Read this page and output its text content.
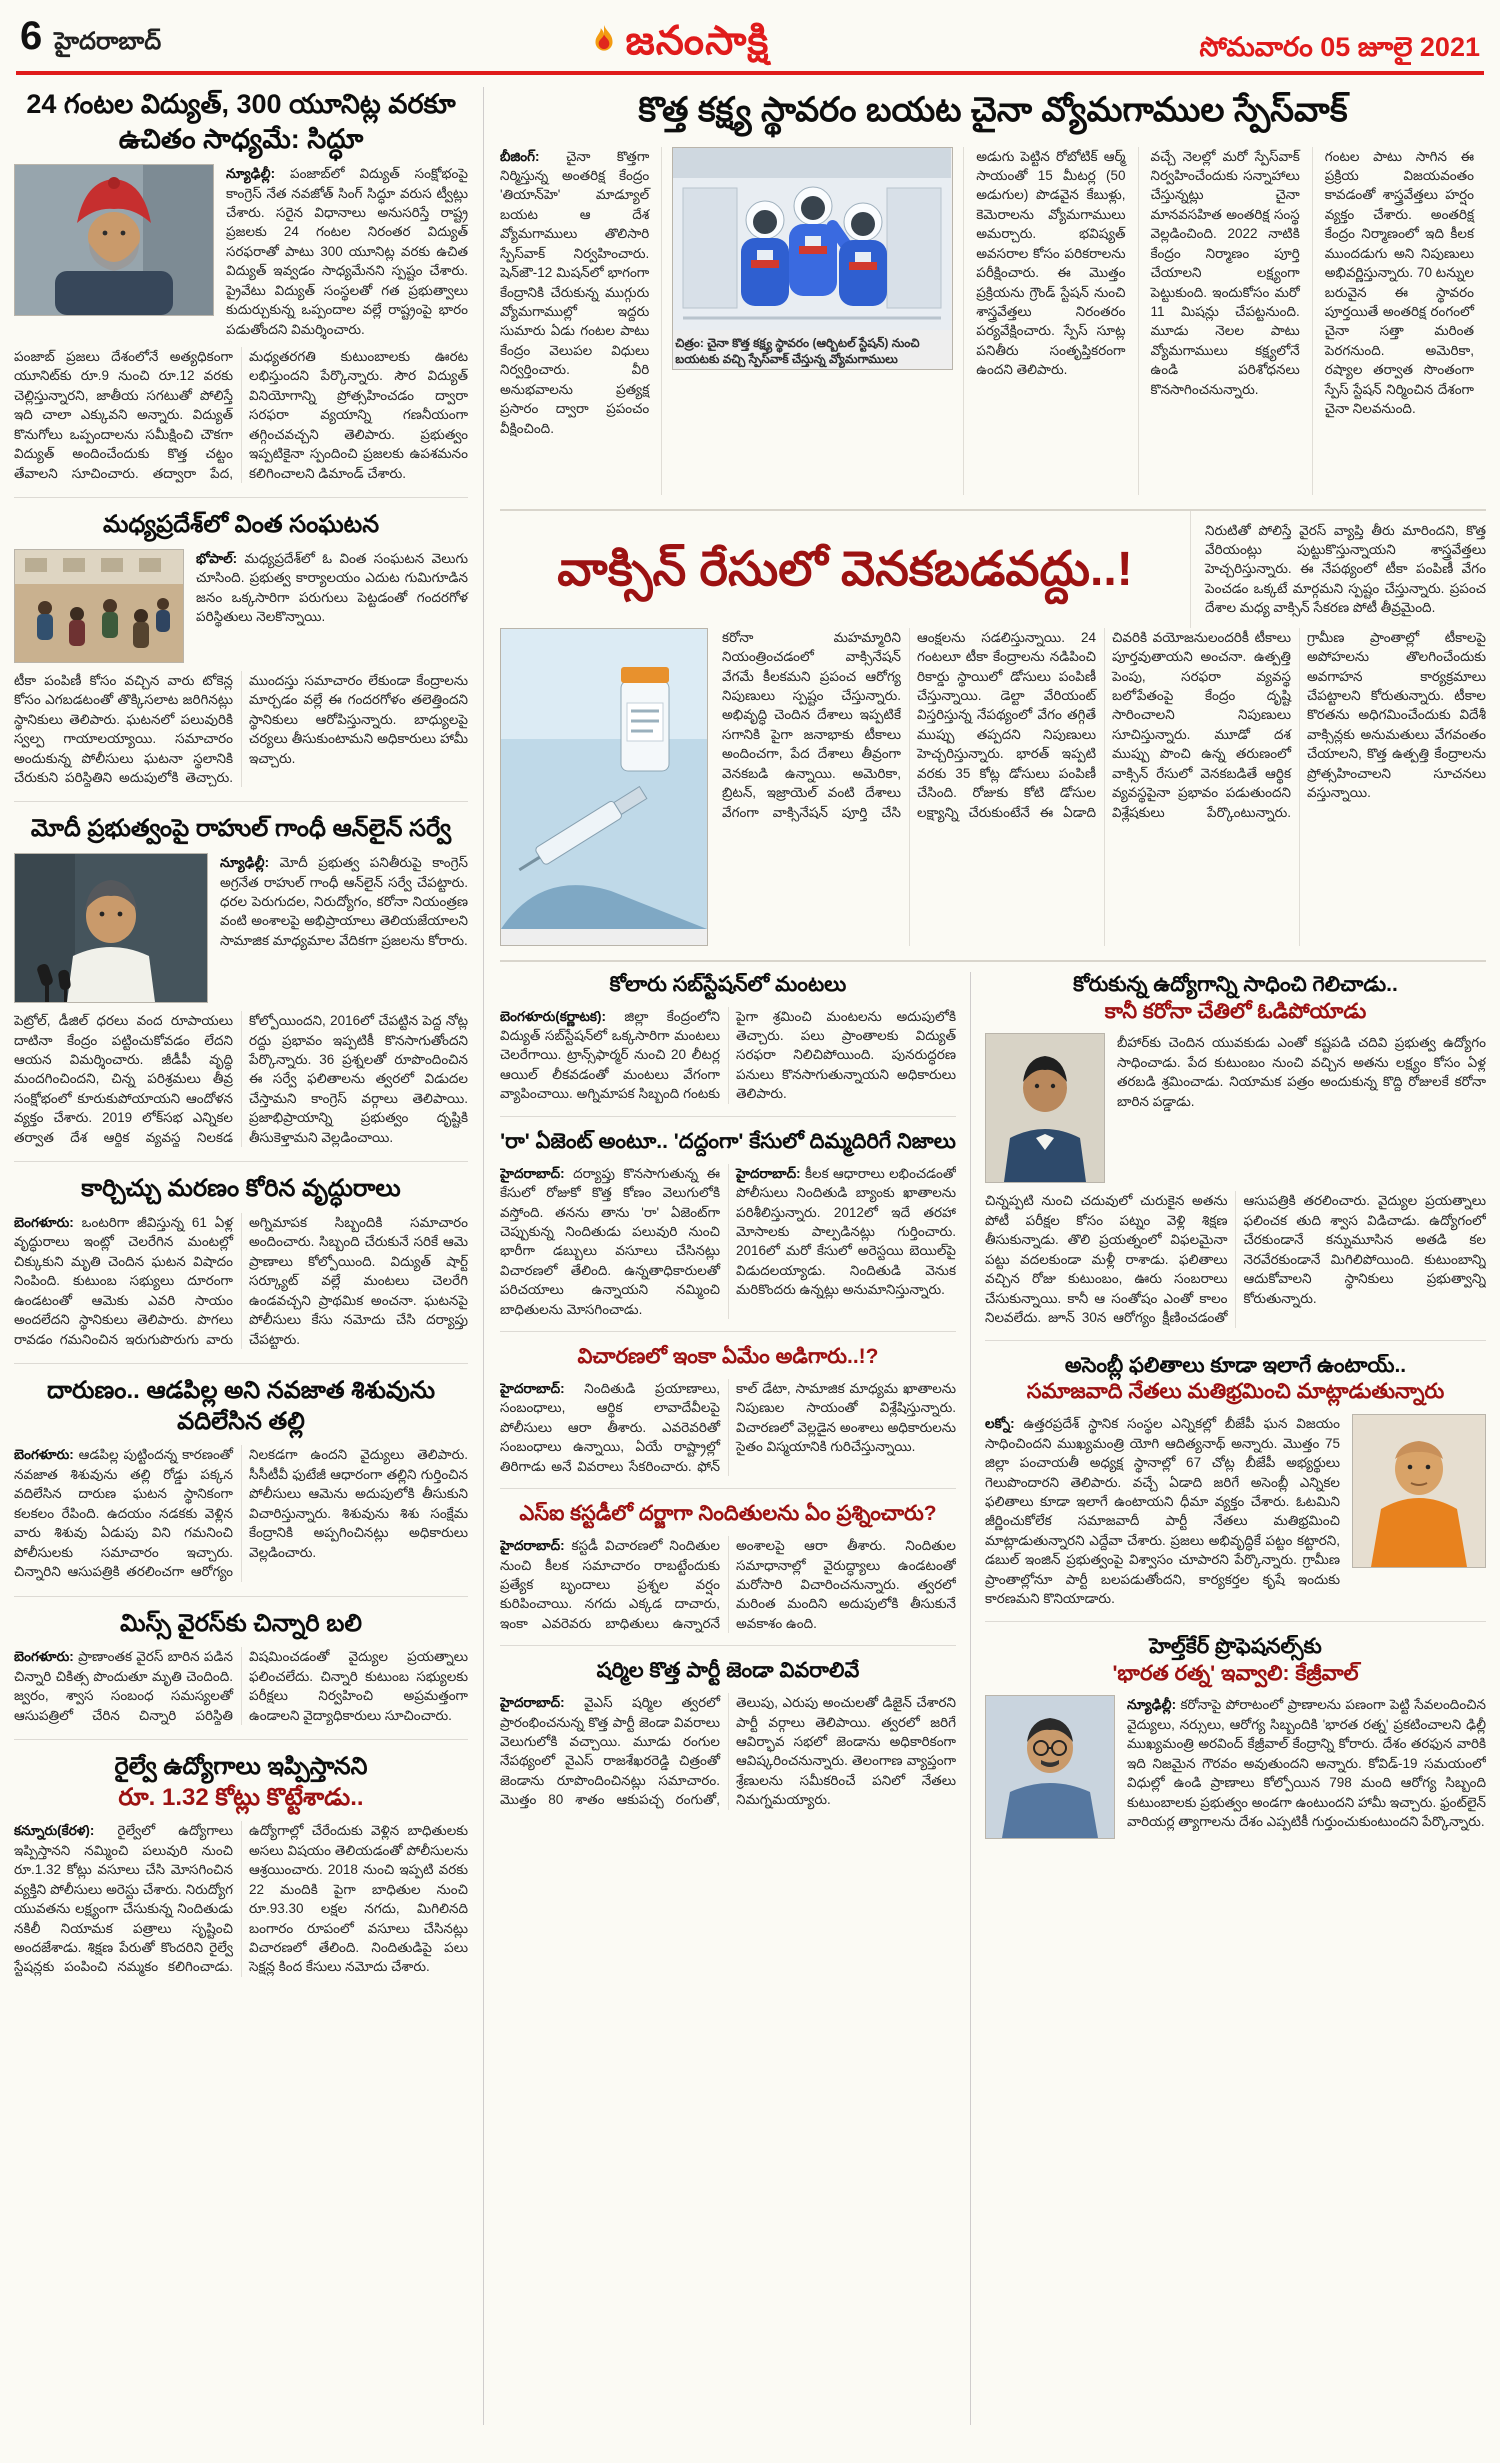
6 హైదరాబాద్	జనంసాక్షి	సోమవారం 05 జూలై 2021
24 గంటల విద్యుత్, 300 యూనిట్ల వరకూ ఉచితం సాధ్యమే: సిద్ధూ

న్యూఢిల్లీ: పంజాబ్‌లో విద్యుత్ సంక్షోభంపై కాంగ్రెస్ నేత నవజోత్ సింగ్ సిద్ధూ వరుస ట్వీట్లు చేశారు. సరైన విధానాలు అనుసరిస్తే రాష్ట్ర ప్రజలకు 24 గంటల నిరంతర విద్యుత్ సరఫరాతో పాటు 300 యూనిట్ల వరకు ఉచిత విద్యుత్ ఇవ్వడం సాధ్యమేనని స్పష్టం చేశారు. ప్రైవేటు విద్యుత్ సంస్థలతో గత ప్రభుత్వాలు కుదుర్చుకున్న ఒప్పందాల వల్లే రాష్ట్రంపై భారం పడుతోందని విమర్శించారు.

పంజాబ్ ప్రజలు దేశంలోనే అత్యధికంగా యూనిట్‌కు రూ.9 నుంచి రూ.12 వరకు చెల్లిస్తున్నారని, జాతీయ సగటుతో పోలిస్తే ఇది చాలా ఎక్కువని అన్నారు. విద్యుత్ కొనుగోలు ఒప్పందాలను సమీక్షించి చౌకగా విద్యుత్ అందించేందుకు కొత్త చట్టం తేవాలని సూచించారు. తద్వారా పేద, మధ్యతరగతి కుటుంబాలకు ఊరట లభిస్తుందని పేర్కొన్నారు. సౌర విద్యుత్ వినియోగాన్ని ప్రోత్సహించడం ద్వారా సరఫరా వ్యయాన్ని గణనీయంగా తగ్గించవచ్చని తెలిపారు. ప్రభుత్వం ఇప్పటికైనా స్పందించి ప్రజలకు ఉపశమనం కలిగించాలని డిమాండ్ చేశారు.

మధ్యప్రదేశ్‌లో వింత సంఘటన

భోపాల్: మధ్యప్రదేశ్‌లో ఓ వింత సంఘటన వెలుగు చూసింది. ప్రభుత్వ కార్యాలయం ఎదుట గుమిగూడిన జనం ఒక్కసారిగా పరుగులు పెట్టడంతో గందరగోళ పరిస్థితులు నెలకొన్నాయి.

టీకా పంపిణీ కోసం వచ్చిన వారు టోకెన్ల కోసం ఎగబడటంతో తొక్కిసలాట జరిగినట్లు స్థానికులు తెలిపారు. ఘటనలో పలువురికి స్వల్ప గాయాలయ్యాయి. సమాచారం అందుకున్న పోలీసులు ఘటనా స్థలానికి చేరుకుని పరిస్థితిని అదుపులోకి తెచ్చారు. ముందస్తు సమాచారం లేకుండా కేంద్రాలను మార్చడం వల్లే ఈ గందరగోళం తలెత్తిందని స్థానికులు ఆరోపిస్తున్నారు. బాధ్యులపై చర్యలు తీసుకుంటామని అధికారులు హామీ ఇచ్చారు.

మోదీ ప్రభుత్వంపై రాహుల్ గాంధీ ఆన్‌లైన్ సర్వే

న్యూఢిల్లీ: మోదీ ప్రభుత్వ పనితీరుపై కాంగ్రెస్ అగ్రనేత రాహుల్ గాంధీ ఆన్‌లైన్ సర్వే చేపట్టారు. ధరల పెరుగుదల, నిరుద్యోగం, కరోనా నియంత్రణ వంటి అంశాలపై అభిప్రాయాలు తెలియజేయాలని సామాజిక మాధ్యమాల వేదికగా ప్రజలను కోరారు.

పెట్రోల్, డీజిల్ ధరలు వంద రూపాయలు దాటినా కేంద్రం పట్టించుకోవడం లేదని ఆయన విమర్శించారు. జీడీపీ వృద్ధి మందగించిందని, చిన్న పరిశ్రమలు తీవ్ర సంక్షోభంలో కూరుకుపోయాయని ఆందోళన వ్యక్తం చేశారు. 2019 లోక్‌సభ ఎన్నికల తర్వాత దేశ ఆర్థిక వ్యవస్థ నిలకడ కోల్పోయిందని, 2016లో చేపట్టిన పెద్ద నోట్ల రద్దు ప్రభావం ఇప్పటికీ కొనసాగుతోందని పేర్కొన్నారు. 36 ప్రశ్నలతో రూపొందించిన ఈ సర్వే ఫలితాలను త్వరలో విడుదల చేస్తామని కాంగ్రెస్ వర్గాలు తెలిపాయి. ప్రజాభిప్రాయాన్ని ప్రభుత్వం దృష్టికి తీసుకెళ్తామని వెల్లడించాయి.

కార్చిచ్చు మరణం కోరిన వృద్ధురాలు

బెంగళూరు: ఒంటరిగా జీవిస్తున్న 61 ఏళ్ల వృద్ధురాలు ఇంట్లో చెలరేగిన మంటల్లో చిక్కుకుని మృతి చెందిన ఘటన విషాదం నింపింది. కుటుంబ సభ్యులు దూరంగా ఉండటంతో ఆమెకు ఎవరి సాయం అందలేదని స్థానికులు తెలిపారు. పొగలు రావడం గమనించిన ఇరుగుపొరుగు వారు అగ్నిమాపక సిబ్బందికి సమాచారం అందించారు. సిబ్బంది చేరుకునే సరికే ఆమె ప్రాణాలు కోల్పోయింది. విద్యుత్ షార్ట్ సర్క్యూట్ వల్లే మంటలు చెలరేగి ఉండవచ్చని ప్రాథమిక అంచనా. ఘటనపై పోలీసులు కేసు నమోదు చేసి దర్యాప్తు చేపట్టారు.

దారుణం.. ఆడపిల్ల అని నవజాత శిశువును వదిలేసిన తల్లి

బెంగళూరు: ఆడపిల్ల పుట్టిందన్న కారణంతో నవజాత శిశువును తల్లి రోడ్డు పక్కన వదిలేసిన దారుణ ఘటన స్థానికంగా కలకలం రేపింది. ఉదయం నడకకు వెళ్లిన వారు శిశువు ఏడుపు విని గమనించి పోలీసులకు సమాచారం ఇచ్చారు. చిన్నారిని ఆసుపత్రికి తరలించగా ఆరోగ్యం నిలకడగా ఉందని వైద్యులు తెలిపారు. సీసీటీవీ ఫుటేజీ ఆధారంగా తల్లిని గుర్తించిన పోలీసులు ఆమెను అదుపులోకి తీసుకుని విచారిస్తున్నారు. శిశువును శిశు సంక్షేమ కేంద్రానికి అప్పగించినట్లు అధికారులు వెల్లడించారు.

మిస్స్ వైరస్‌కు చిన్నారి బలి

బెంగళూరు: ప్రాణాంతక వైరస్ బారిన పడిన చిన్నారి చికిత్స పొందుతూ మృతి చెందింది. జ్వరం, శ్వాస సంబంధ సమస్యలతో ఆసుపత్రిలో చేరిన చిన్నారి పరిస్థితి విషమించడంతో వైద్యుల ప్రయత్నాలు ఫలించలేదు. చిన్నారి కుటుంబ సభ్యులకు పరీక్షలు నిర్వహించి అప్రమత్తంగా ఉండాలని వైద్యాధికారులు సూచించారు.

రైల్వే ఉద్యోగాలు ఇప్పిస్తానని
రూ. 1.32 కోట్లు కొట్టేశాడు..

కన్నూరు(కేరళ): రైల్వేలో ఉద్యోగాలు ఇప్పిస్తానని నమ్మించి పలువురి నుంచి రూ.1.32 కోట్లు వసూలు చేసి మోసగించిన వ్యక్తిని పోలీసులు అరెస్టు చేశారు. నిరుద్యోగ యువతను లక్ష్యంగా చేసుకున్న నిందితుడు నకిలీ నియామక పత్రాలు సృష్టించి అందజేశాడు. శిక్షణ పేరుతో కొందరిని రైల్వే స్టేషన్లకు పంపించి నమ్మకం కలిగించాడు. ఉద్యోగాల్లో చేరేందుకు వెళ్లిన బాధితులకు అసలు విషయం తెలియడంతో పోలీసులను ఆశ్రయించారు. 2018 నుంచి ఇప్పటి వరకు 22 మందికి పైగా బాధితుల నుంచి రూ.93.30 లక్షల నగదు, మిగిలినది బంగారం రూపంలో వసూలు చేసినట్లు విచారణలో తేలింది. నిందితుడిపై పలు సెక్షన్ల కింద కేసులు నమోదు చేశారు.

కొత్త కక్ష్య స్థావరం బయట చైనా వ్యోమగాముల స్పేస్‌వాక్

బీజింగ్: చైనా కొత్తగా నిర్మిస్తున్న అంతరిక్ష కేంద్రం 'తియాన్‌హె' మాడ్యూల్ బయట ఆ దేశ వ్యోమగాములు తొలిసారి స్పేస్‌వాక్ నిర్వహించారు. షెన్‌జౌ-12 మిషన్‌లో భాగంగా కేంద్రానికి చేరుకున్న ముగ్గురు వ్యోమగాముల్లో ఇద్దరు సుమారు ఏడు గంటల పాటు కేంద్రం వెలుపల విధులు నిర్వర్తించారు. వీరి అనుభవాలను ప్రత్యక్ష ప్రసారం ద్వారా ప్రపంచం వీక్షించింది.

చిత్రం: చైనా కొత్త కక్ష్య స్థావరం (ఆర్బిటల్ స్టేషన్) నుంచి బయటకు వచ్చి స్పేస్‌వాక్ చేస్తున్న వ్యోమగాములు

అడుగు పెట్టిన రోబోటిక్ ఆర్మ్ సాయంతో 15 మీటర్ల (50 అడుగుల) పొడవైన కేబుళ్లు, కెమెరాలను వ్యోమగాములు అమర్చారు. భవిష్యత్ అవసరాల కోసం పరికరాలను పరీక్షించారు. ఈ మొత్తం ప్రక్రియను గ్రౌండ్ స్టేషన్ నుంచి శాస్త్రవేత్తలు నిరంతరం పర్యవేక్షించారు. స్పేస్ సూట్ల పనితీరు సంతృప్తికరంగా ఉందని తెలిపారు.

వచ్చే నెలల్లో మరో స్పేస్‌వాక్ నిర్వహించేందుకు సన్నాహాలు చేస్తున్నట్లు చైనా మానవసహిత అంతరిక్ష సంస్థ వెల్లడించింది. 2022 నాటికి కేంద్రం నిర్మాణం పూర్తి చేయాలని లక్ష్యంగా పెట్టుకుంది. ఇందుకోసం మరో 11 మిషన్లు చేపట్టనుంది. మూడు నెలల పాటు వ్యోమగాములు కక్ష్యలోనే ఉండి పరిశోధనలు కొనసాగించనున్నారు.

గంటల పాటు సాగిన ఈ ప్రక్రియ విజయవంతం కావడంతో శాస్త్రవేత్తలు హర్షం వ్యక్తం చేశారు. అంతరిక్ష కేంద్రం నిర్మాణంలో ఇది కీలక ముందడుగు అని నిపుణులు అభివర్ణిస్తున్నారు. 70 టన్నుల బరువైన ఈ స్థావరం పూర్తయితే అంతరిక్ష రంగంలో చైనా సత్తా మరింత పెరగనుంది. అమెరికా, రష్యాల తర్వాత సొంతంగా స్పేస్ స్టేషన్ నిర్మించిన దేశంగా చైనా నిలవనుంది.

వాక్సిన్ రేసులో వెనకబడవద్దు..!

నిరుటితో పోలిస్తే వైరస్ వ్యాప్తి తీరు మారిందని, కొత్త వేరియంట్లు పుట్టుకొస్తున్నాయని శాస్త్రవేత్తలు హెచ్చరిస్తున్నారు. ఈ నేపథ్యంలో టీకా పంపిణీ వేగం పెంచడం ఒక్కటే మార్గమని స్పష్టం చేస్తున్నారు. ప్రపంచ దేశాల మధ్య వాక్సిన్ సేకరణ పోటీ తీవ్రమైంది.

కరోనా మహమ్మారిని నియంత్రించడంలో వాక్సినేషన్ వేగమే కీలకమని ప్రపంచ ఆరోగ్య నిపుణులు స్పష్టం చేస్తున్నారు. అభివృద్ధి చెందిన దేశాలు ఇప్పటికే సగానికి పైగా జనాభాకు టీకాలు అందించగా, పేద దేశాలు తీవ్రంగా వెనకబడి ఉన్నాయి. అమెరికా, బ్రిటన్, ఇజ్రాయెల్ వంటి దేశాలు వేగంగా వాక్సినేషన్ పూర్తి చేసి ఆంక్షలను సడలిస్తున్నాయి. 24 గంటలూ టీకా కేంద్రాలను నడిపించి రికార్డు స్థాయిలో డోసులు పంపిణీ చేస్తున్నాయి. డెల్టా వేరియంట్ విస్తరిస్తున్న నేపథ్యంలో వేగం తగ్గితే ముప్పు తప్పదని నిపుణులు హెచ్చరిస్తున్నారు. భారత్ ఇప్పటి వరకు 35 కోట్ల డోసులు పంపిణీ చేసింది. రోజుకు కోటి డోసుల లక్ష్యాన్ని చేరుకుంటేనే ఈ ఏడాది చివరికి వయోజనులందరికీ టీకాలు పూర్తవుతాయని అంచనా. ఉత్పత్తి పెంపు, సరఫరా వ్యవస్థ బలోపేతంపై కేంద్రం దృష్టి సారించాలని నిపుణులు సూచిస్తున్నారు. మూడో దశ ముప్పు పొంచి ఉన్న తరుణంలో వాక్సిన్ రేసులో వెనకబడితే ఆర్థిక వ్యవస్థపైనా ప్రభావం పడుతుందని విశ్లేషకులు పేర్కొంటున్నారు. గ్రామీణ ప్రాంతాల్లో టీకాలపై అపోహలను తొలగించేందుకు అవగాహన కార్యక్రమాలు చేపట్టాలని కోరుతున్నారు. టీకాల కొరతను అధిగమించేందుకు విదేశీ వాక్సిన్లకు అనుమతులు వేగవంతం చేయాలని, కొత్త ఉత్పత్తి కేంద్రాలను ప్రోత్సహించాలని సూచనలు వస్తున్నాయి.

కోలారు సబ్‌స్టేషన్‌లో మంటలు

బెంగళూరు(కర్ణాటక): జిల్లా కేంద్రంలోని విద్యుత్ సబ్‌స్టేషన్‌లో ఒక్కసారిగా మంటలు చెలరేగాయి. ట్రాన్స్‌ఫార్మర్ నుంచి 20 లీటర్ల ఆయిల్ లీకవడంతో మంటలు వేగంగా వ్యాపించాయి. అగ్నిమాపక సిబ్బంది గంటకు పైగా శ్రమించి మంటలను అదుపులోకి తెచ్చారు. పలు ప్రాంతాలకు విద్యుత్ సరఫరా నిలిచిపోయింది. పునరుద్ధరణ పనులు కొనసాగుతున్నాయని అధికారులు తెలిపారు.

'రా' ఏజెంట్ అంటూ.. 'దద్దంగా' కేసులో దిమ్మదిరిగే నిజాలు

హైదరాబాద్: దర్యాప్తు కొనసాగుతున్న ఈ కేసులో రోజుకో కొత్త కోణం వెలుగులోకి వస్తోంది. తనను తాను 'రా' ఏజెంట్‌గా చెప్పుకున్న నిందితుడు పలువురి నుంచి భారీగా డబ్బులు వసూలు చేసినట్లు విచారణలో తేలింది. ఉన్నతాధికారులతో పరిచయాలు ఉన్నాయని నమ్మించి బాధితులను మోసగించాడు.

హైదరాబాద్: కీలక ఆధారాలు లభించడంతో పోలీసులు నిందితుడి బ్యాంకు ఖాతాలను పరిశీలిస్తున్నారు. 2012లో ఇదే తరహా మోసాలకు పాల్పడినట్లు గుర్తించారు. 2016లో మరో కేసులో అరెస్టయి బెయిల్‌పై విడుదలయ్యాడు. నిందితుడి వెనుక మరికొందరు ఉన్నట్లు అనుమానిస్తున్నారు.

విచారణలో ఇంకా ఏమేం అడిగారు..!?

హైదరాబాద్: నిందితుడి ప్రయాణాలు, సంబంధాలు, ఆర్థిక లావాదేవీలపై పోలీసులు ఆరా తీశారు. ఎవరెవరితో సంబంధాలు ఉన్నాయి, ఏయే రాష్ట్రాల్లో తిరిగాడు అనే వివరాలు సేకరించారు. ఫోన్ కాల్ డేటా, సామాజిక మాధ్యమ ఖాతాలను నిపుణుల సాయంతో విశ్లేషిస్తున్నారు. విచారణలో వెల్లడైన అంశాలు అధికారులను సైతం విస్మయానికి గురిచేస్తున్నాయి.

ఎస్ఐ కస్టడీలో దర్జాగా నిందితులను ఏం ప్రశ్నించారు?

హైదరాబాద్: కస్టడీ విచారణలో నిందితుల నుంచి కీలక సమాచారం రాబట్టేందుకు ప్రత్యేక బృందాలు ప్రశ్నల వర్షం కురిపించాయి. నగదు ఎక్కడ దాచారు, ఇంకా ఎవరెవరు బాధితులు ఉన్నారనే అంశాలపై ఆరా తీశారు. నిందితుల సమాధానాల్లో వైరుద్ధ్యాలు ఉండటంతో మరోసారి విచారించనున్నారు. త్వరలో మరింత మందిని అదుపులోకి తీసుకునే అవకాశం ఉంది.

షర్మిల కొత్త పార్టీ జెండా వివరాలివే

హైదరాబాద్: వైఎస్ షర్మిల త్వరలో ప్రారంభించనున్న కొత్త పార్టీ జెండా వివరాలు వెలుగులోకి వచ్చాయి. మూడు రంగుల నేపథ్యంలో వైఎస్ రాజశేఖరరెడ్డి చిత్రంతో జెండాను రూపొందించినట్లు సమాచారం. మొత్తం 80 శాతం ఆకుపచ్చ రంగుతో, తెలుపు, ఎరుపు అంచులతో డిజైన్ చేశారని పార్టీ వర్గాలు తెలిపాయి. త్వరలో జరిగే ఆవిర్భావ సభలో జెండాను అధికారికంగా ఆవిష్కరించనున్నారు. తెలంగాణ వ్యాప్తంగా శ్రేణులను సమీకరించే పనిలో నేతలు నిమగ్నమయ్యారు.

కోరుకున్న ఉద్యోగాన్ని సాధించి గెలిచాడు..
కానీ కరోనా చేతిలో ఓడిపోయాడు

బీహార్‌కు చెందిన యువకుడు ఎంతో కష్టపడి చదివి ప్రభుత్వ ఉద్యోగం సాధించాడు. పేద కుటుంబం నుంచి వచ్చిన అతను లక్ష్యం కోసం ఏళ్ల తరబడి శ్రమించాడు. నియామక పత్రం అందుకున్న కొద్ది రోజులకే కరోనా బారిన పడ్డాడు.

చిన్నప్పటి నుంచి చదువులో చురుకైన అతను పోటీ పరీక్షల కోసం పట్నం వెళ్లి శిక్షణ తీసుకున్నాడు. తొలి ప్రయత్నంలో విఫలమైనా పట్టు వదలకుండా మళ్లీ రాశాడు. ఫలితాలు వచ్చిన రోజు కుటుంబం, ఊరు సంబరాలు చేసుకున్నాయి. కానీ ఆ సంతోషం ఎంతో కాలం నిలవలేదు. జూన్ 30న ఆరోగ్యం క్షీణించడంతో ఆసుపత్రికి తరలించారు. వైద్యుల ప్రయత్నాలు ఫలించక తుది శ్వాస విడిచాడు. ఉద్యోగంలో చేరకుండానే కన్నుమూసిన అతడి కల నెరవేరకుండానే మిగిలిపోయింది. కుటుంబాన్ని ఆదుకోవాలని స్థానికులు ప్రభుత్వాన్ని కోరుతున్నారు.

అసెంబ్లీ ఫలితాలు కూడా ఇలాగే ఉంటాయ్..
సమాజవాది నేతలు మతిభ్రమించి మాట్లాడుతున్నారు

లక్నో: ఉత్తరప్రదేశ్ స్థానిక సంస్థల ఎన్నికల్లో బీజేపీ ఘన విజయం సాధించిందని ముఖ్యమంత్రి యోగి ఆదిత్యనాథ్ అన్నారు. మొత్తం 75 జిల్లా పంచాయతీ అధ్యక్ష స్థానాల్లో 67 చోట్ల బీజేపీ అభ్యర్థులు గెలుపొందారని తెలిపారు. వచ్చే ఏడాది జరిగే అసెంబ్లీ ఎన్నికల ఫలితాలు కూడా ఇలాగే ఉంటాయని ధీమా వ్యక్తం చేశారు. ఓటమిని జీర్ణించుకోలేక సమాజవాదీ పార్టీ నేతలు మతిభ్రమించి మాట్లాడుతున్నారని ఎద్దేవా చేశారు. ప్రజలు అభివృద్ధికే పట్టం కట్టారని, డబుల్ ఇంజిన్ ప్రభుత్వంపై విశ్వాసం చూపారని పేర్కొన్నారు. గ్రామీణ ప్రాంతాల్లోనూ పార్టీ బలపడుతోందని, కార్యకర్తల కృషే ఇందుకు కారణమని కొనియాడారు.

హెల్త్‌కేర్ ప్రొఫెషనల్స్‌కు
'భారత రత్న' ఇవ్వాలి: కేజ్రీవాల్

న్యూఢిల్లీ: కరోనాపై పోరాటంలో ప్రాణాలను పణంగా పెట్టి సేవలందించిన వైద్యులు, నర్సులు, ఆరోగ్య సిబ్బందికి 'భారత రత్న' ప్రకటించాలని ఢిల్లీ ముఖ్యమంత్రి అరవింద్ కేజ్రీవాల్ కేంద్రాన్ని కోరారు. దేశం తరఫున వారికి ఇది నిజమైన గౌరవం అవుతుందని అన్నారు. కోవిడ్-19 సమయంలో విధుల్లో ఉండి ప్రాణాలు కోల్పోయిన 798 మంది ఆరోగ్య సిబ్బంది కుటుంబాలకు ప్రభుత్వం అండగా ఉంటుందని హామీ ఇచ్చారు. ఫ్రంట్‌లైన్ వారియర్ల త్యాగాలను దేశం ఎప్పటికీ గుర్తుంచుకుంటుందని పేర్కొన్నారు.
